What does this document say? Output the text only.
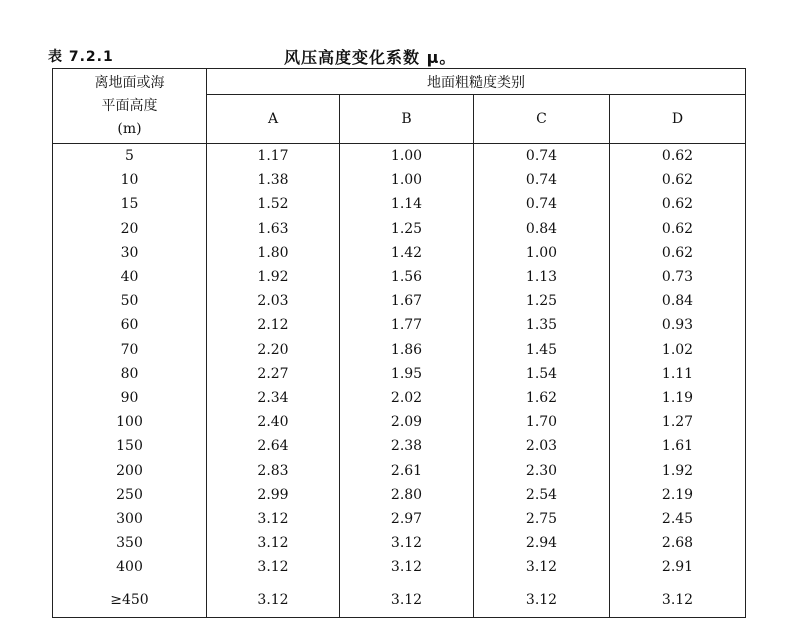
表 7.2.1	风压高度变化系数 μ。
离地面或海
平面高度
(m)	地面粗糙度类别			
	A	B	C	D
5	1.17	1.00	0.74	0.62
10	1.38	1.00	0.74	0.62
15	1.52	1.14	0.74	0.62
20	1.63	1.25	0.84	0.62
30	1.80	1.42	1.00	0.62
40	1.92	1.56	1.13	0.73
50	2.03	1.67	1.25	0.84
60	2.12	1.77	1.35	0.93
70	2.20	1.86	1.45	1.02
80	2.27	1.95	1.54	1.11
90	2.34	2.02	1.62	1.19
100	2.40	2.09	1.70	1.27
150	2.64	2.38	2.03	1.61
200	2.83	2.61	2.30	1.92
250	2.99	2.80	2.54	2.19
300	3.12	2.97	2.75	2.45
350	3.12	3.12	2.94	2.68
400	3.12	3.12	3.12	2.91
≥450	3.12	3.12	3.12	3.12
